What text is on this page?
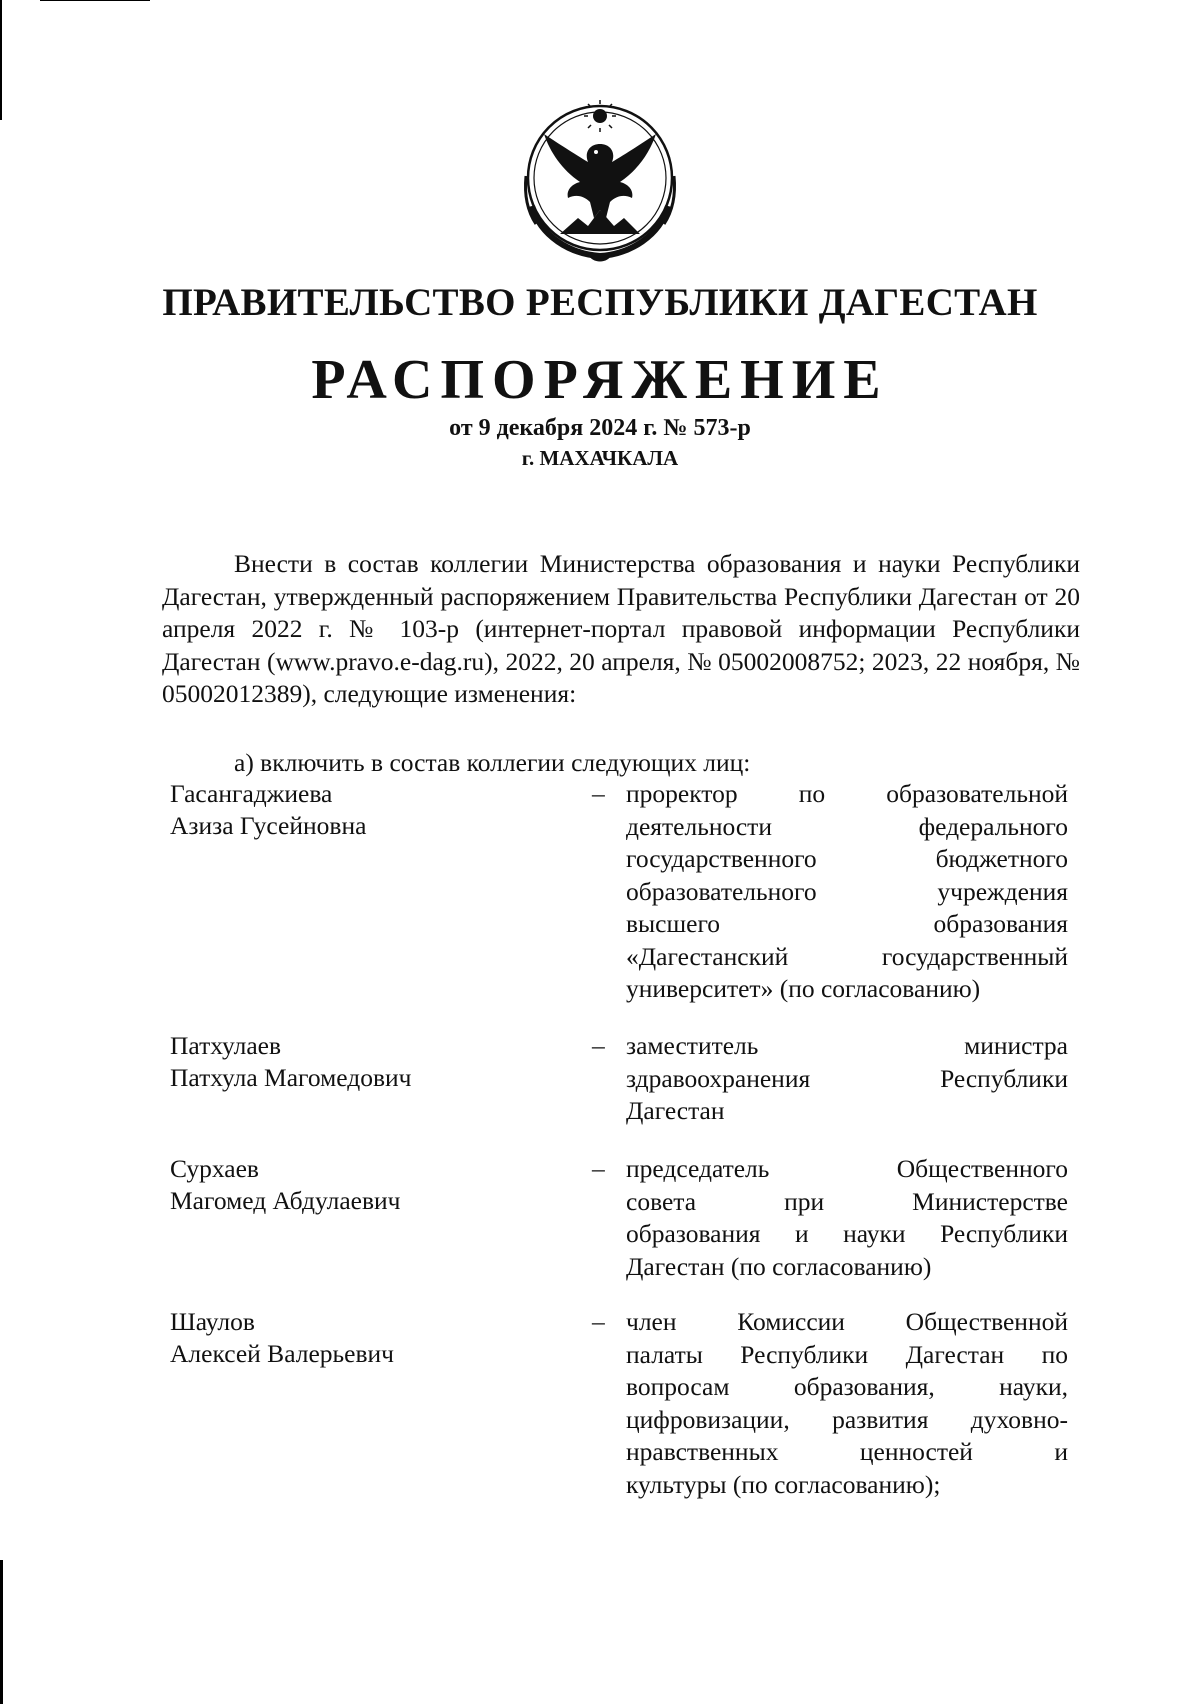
ПРАВИТЕЛЬСТВО РЕСПУБЛИКИ ДАГЕСТАН
РАСПОРЯЖЕНИЕ
от 9 декабря 2024 г. № 573-р
г. МАХАЧКАЛА

Внести в состав коллегии Министерства образования и науки Республики Дагестан, утвержденный распоряжением Правительства Республики Дагестан от 20 апреля 2022 г. № 103-р (интернет-портал правовой информации Республики Дагестан (www.pravo.e-dag.ru), 2022, 20 апреля, № 05002008752; 2023, 22 ноября, № 05002012389), следующие изменения:

а) включить в состав коллегии следующих лиц:
Гасангаджиева
Азиза Гусейновна
– проректор по образовательной
деятельности федерального
государственного бюджетного
образовательного учреждения
высшего образования
«Дагестанский государственный
университет» (по согласованию)
Патхулаев
Патхула Магомедович
– заместитель министра
здравоохранения Республики
Дагестан
Сурхаев
Магомед Абдулаевич
– председатель Общественного
совета при Министерстве
образования и науки Республики
Дагестан (по согласованию)
Шаулов
Алексей Валерьевич
– член Комиссии Общественной
палаты Республики Дагестан по
вопросам образования, науки,
цифровизации, развития духовно-
нравственных ценностей и
культуры (по согласованию);
